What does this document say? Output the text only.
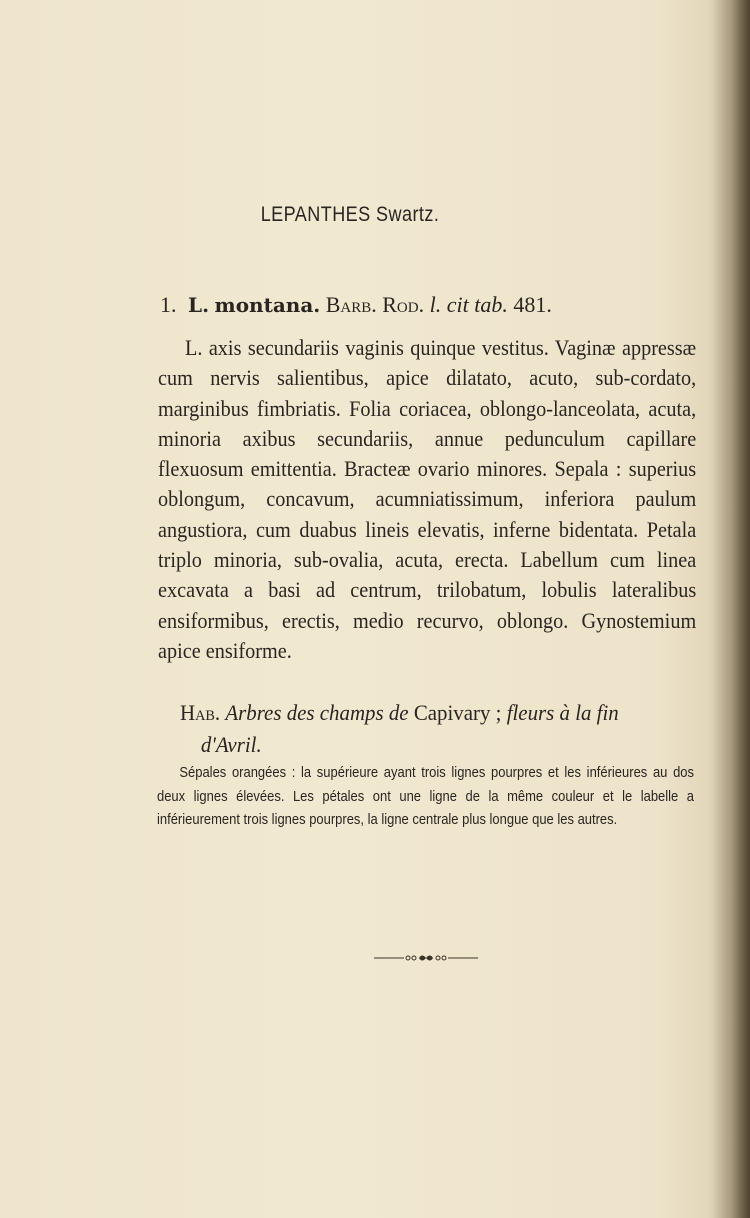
LEPANTHES Swartz.
1. L. montana. Barb. Rod. l. cit tab. 481.

L. axis secundariis vaginis quinque vestitus. Vaginæ appressæ cum nervis salientibus, apice dilatato, acuto, sub-cordato, marginibus fimbriatis. Folia coriacea, oblongo-lanceolata, acuta, minoria axibus secundariis, annue pedunculum capillare flexuosum emittentia. Bracteæ ovario minores. Sepala : superius oblongum, concavum, acumniatissimum, inferiora paulum angustiora, cum duabus lineis elevatis, inferne bidentata. Petala triplo minoria, sub-ovalia, acuta, erecta. Labellum cum linea excavata a basi ad centrum, trilobatum, lobulis lateralibus ensiformibus, erectis, medio recurvo, oblongo. Gynostemium apice ensiforme.

Hab. Arbres des champs de Capivary ; fleurs à la fin
d'Avril.

Sépales orangées : la supérieure ayant trois lignes pourpres et les inférieures au dos deux lignes élevées. Les pétales ont une ligne de la même couleur et le labelle a inférieurement trois lignes pourpres, la ligne centrale plus longue que les autres.
